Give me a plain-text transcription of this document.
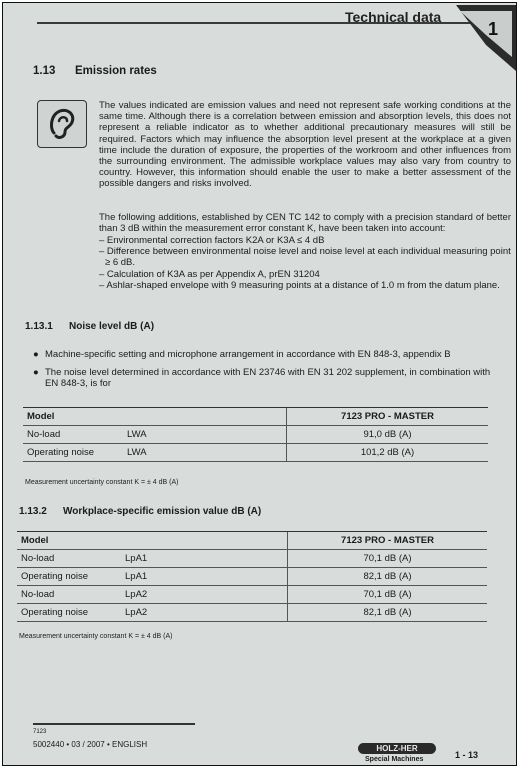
Technical data
1
1.13 Emission rates
The values indicated are emission values and need not represent safe working conditions at the same time. Although there is a correlation between emission and absorption levels, this does not represent a reliable indicator as to whether additional precautionary measures will still be required. Factors which may influence the absorption level present at the workplace at a given time include the duration of exposure, the properties of the workroom and other influences from the surrounding environment. The admissible workplace values may also vary from country to country. However, this information should enable the user to make a better assessment of the possible dangers and risks involved.
The following additions, established by CEN TC 142 to comply with a precision standard of better than 3 dB within the measurement error constant K, have been taken into account:
– Environmental correction factors K2A or K3A ≤ 4 dB
– Difference between environmental noise level and noise level at each individual measuring point ≥ 6 dB.
– Calculation of K3A as per Appendix A, prEN 31204
– Ashlar-shaped envelope with 9 measuring points at a distance of 1.0 m from the datum plane.
1.13.1 Noise level dB (A)
● Machine-specific setting and microphone arrangement in accordance with EN 848-3, appendix B
● The noise level determined in accordance with EN 23746 with EN 31 202 supplement, in combination with EN 848-3, is for
Model		7123 PRO - MASTER
No-load	LWA	91,0 dB (A)
Operating noise	LWA	101,2 dB (A)
Measurement uncertainty constant K = ± 4 dB (A)
1.13.2 Workplace-specific emission value dB (A)
Model		7123 PRO - MASTER
No-load	LpA1	70,1 dB (A)
Operating noise	LpA1	82,1 dB (A)
No-load	LpA2	70,1 dB (A)
Operating noise	LpA2	82,1 dB (A)
Measurement uncertainty constant K = ± 4 dB (A)
7123
5002440 • 03 / 2007 • ENGLISH	HOLZ-HER
Special Machines	1 - 13
